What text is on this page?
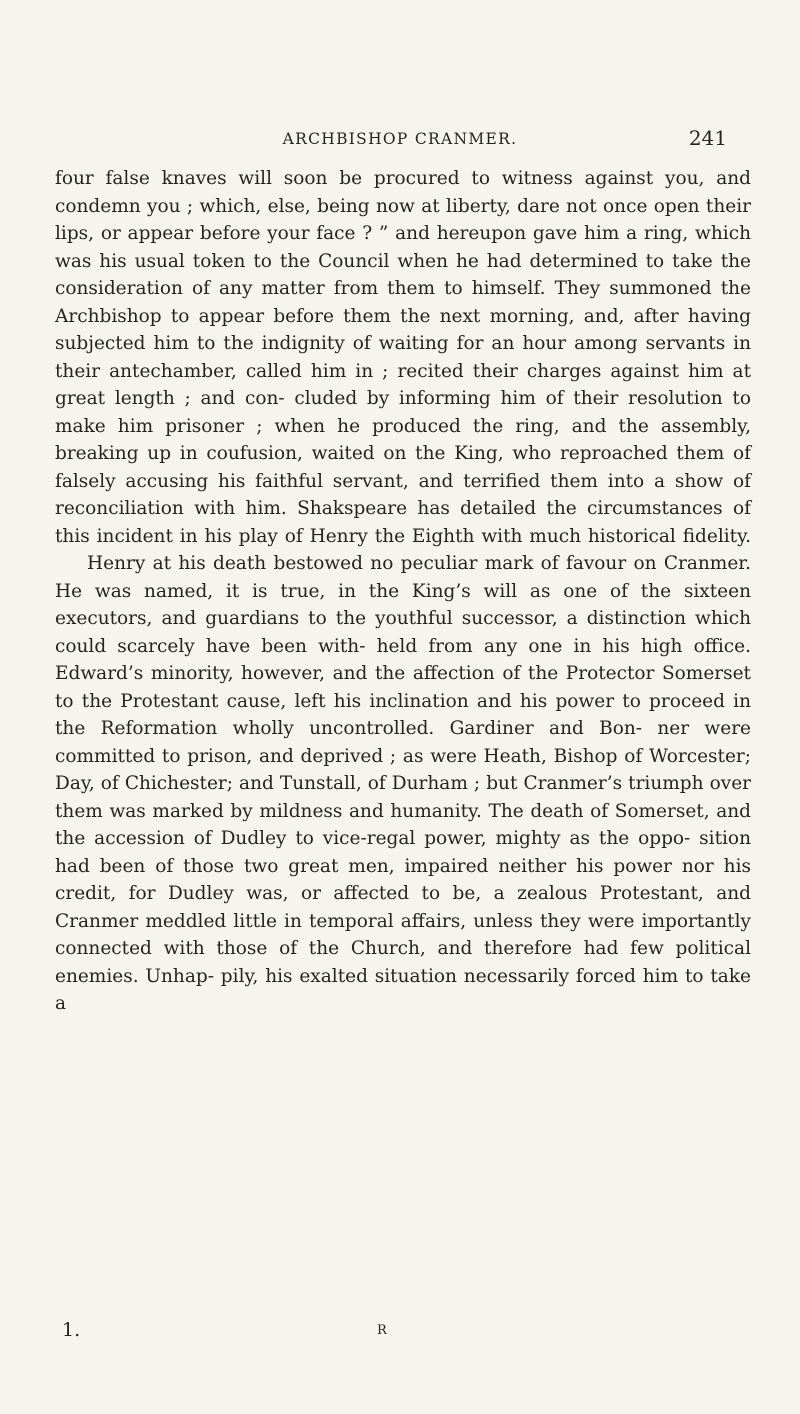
ARCHBISHOP CRANMER.	241

four false knaves will soon be procured to witness against you, and condemn you ; which, else, being now at liberty, dare not once open their lips, or appear before your face ? ” and hereupon gave him a ring, which was his usual token to the Council when he had determined to take the consideration of any matter from them to himself. They summoned the Archbishop to appear before them the next morning, and, after having subjected him to the indignity of waiting for an hour among servants in their antechamber, called him in ; recited their charges against him at great length ; and con- cluded by informing him of their resolution to make him prisoner ; when he produced the ring, and the assembly, breaking up in coufusion, waited on the King, who reproached them of falsely accusing his faithful servant, and terrified them into a show of reconciliation with him. Shakspeare has detailed the circumstances of this incident in his play of Henry the Eighth with much historical fidelity.

Henry at his death bestowed no peculiar mark of favour on Cranmer. He was named, it is true, in the King’s will as one of the sixteen executors, and guardians to the youthful successor, a distinction which could scarcely have been with- held from any one in his high office. Edward’s minority, however, and the affection of the Protector Somerset to the Protestant cause, left his inclination and his power to proceed in the Reformation wholly uncontrolled. Gardiner and Bon- ner were committed to prison, and deprived ; as were Heath, Bishop of Worcester; Day, of Chichester; and Tunstall, of Durham ; but Cranmer’s triumph over them was marked by mildness and humanity. The death of Somerset, and the accession of Dudley to vice-regal power, mighty as the oppo- sition had been of those two great men, impaired neither his power nor his credit, for Dudley was, or affected to be, a zealous Protestant, and Cranmer meddled little in temporal affairs, unless they were importantly connected with those of the Church, and therefore had few political enemies. Unhap- pily, his exalted situation necessarily forced him to take a

1.	R
